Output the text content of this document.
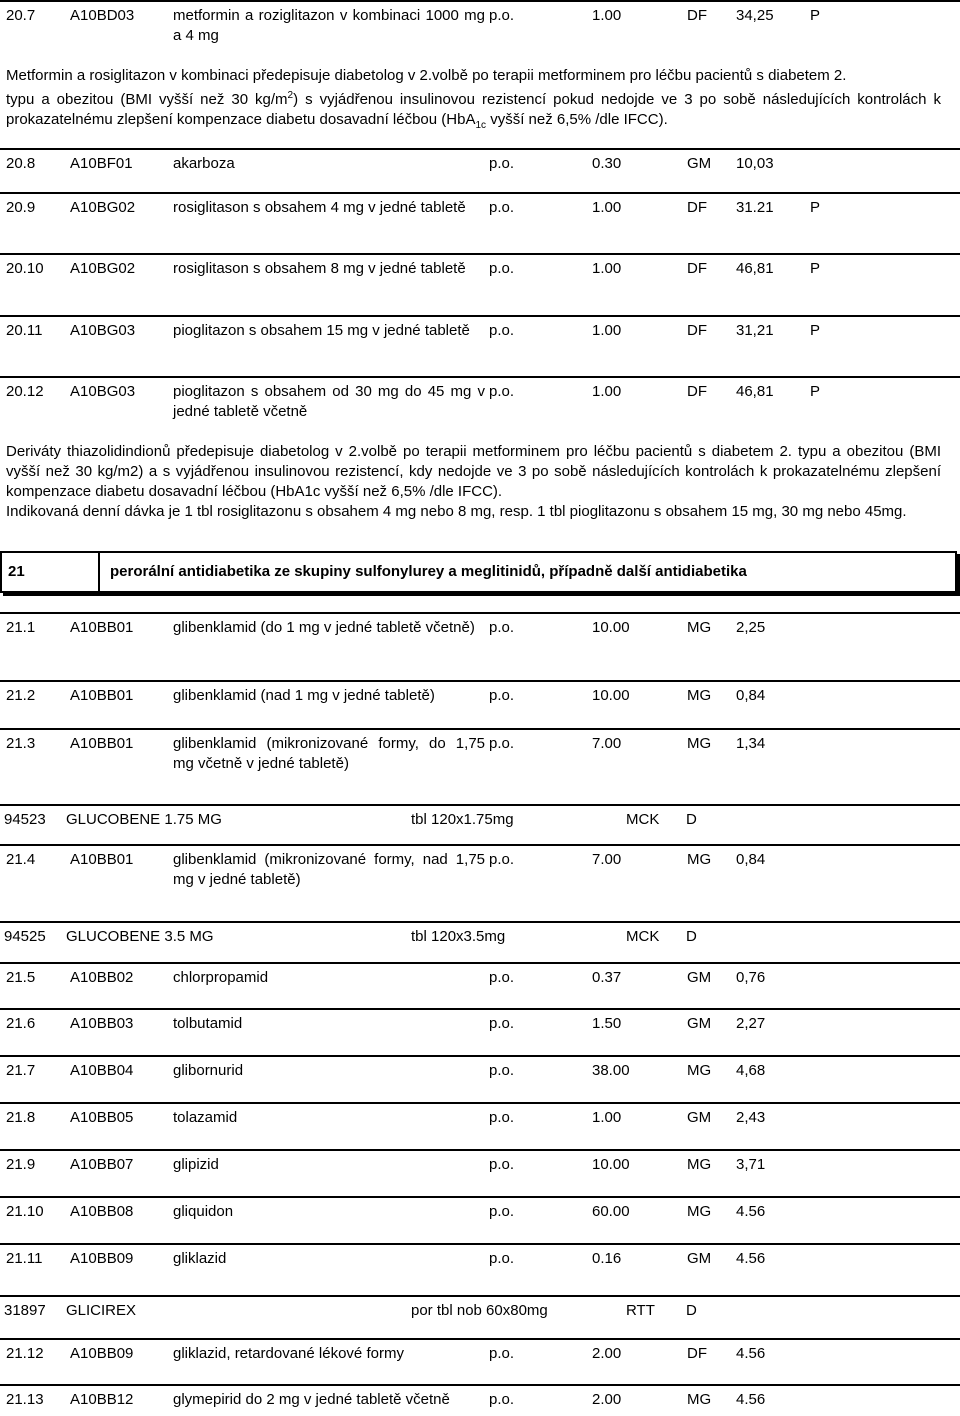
20.7 A10BD03	metformin a roziglitazon v kombinaci 1000 mg a 4 mg
p.o.	1.00	DF 34,25 P

Metformin a rosiglitazon v kombinaci předepisuje diabetolog v 2.volbě po terapii metforminem pro léčbu pacientů s diabetem 2.

typu a obezitou (BMI vyšší než 30 $kg/m^2$) s vyjádřenou insulinovou rezistencí pokud nedojde ve 3 po sobě následujících kontrolách k prokazatelnému zlepšení kompenzace diabetu dosavadní léčbou (HbA$_{1c}$ vyšší než 6,5% /dle IFCC).

20.8 A10BF01	akarboza	p.o.	0.30	GM 10,03
20.9 A10BG02	rosiglitason s obsahem 4 mg v jedné tabletě	p.o.	1.00	DF 31.21 P
20.10 A10BG02	rosiglitason s obsahem 8 mg v jedné tabletě	p.o.	1.00	DF 46,81 P
20.11 A10BG03	pioglitazon s obsahem 15 mg v jedné tabletě	p.o.	1.00	DF 31,21 P
20.12 A10BG03	pioglitazon s obsahem od 30 mg do 45 mg v jedné tabletě včetně
p.o.	1.00	DF 46,81 P

Deriváty thiazolidindionů předepisuje diabetolog v 2.volbě po terapii metforminem pro léčbu pacientů s diabetem 2. typu a obezitou (BMI vyšší než 30 kg/m2) a s vyjádřenou insulinovou rezistencí, kdy nedojde ve 3 po sobě následujících kontrolách k prokazatelnému zlepšení kompenzace diabetu dosavadní léčbou (HbA1c vyšší než 6,5% /dle IFCC).

Indikovaná denní dávka je 1 tbl rosiglitazonu s obsahem 4 mg nebo 8 mg, resp. 1 tbl pioglitazonu s obsahem 15 mg, 30 mg nebo 45mg.

21	perorální antidiabetika ze skupiny sulfonylurey a meglitinidů, případně další antidiabetika
21.1 A10BB01	glibenklamid (do 1 mg v jedné tabletě včetně) p.o.	10.00	MG 2,25
21.2 A10BB01	glibenklamid (nad 1 mg v jedné tabletě)	p.o.	10.00	MG 0,84
21.3 A10BB01	glibenklamid (mikronizované formy, do 1,75 mg včetně v jedné tabletě)
p.o.	7.00	MG 1,34
94523 GLUCOBENE 1.75 MG	tbl 120x1.75mg	MCK D
21.4 A10BB01	glibenklamid (mikronizované formy, nad 1,75 mg v jedné tabletě)
p.o.	7.00	MG 0,84
94525 GLUCOBENE 3.5 MG	tbl 120x3.5mg	MCK D
21.5 A10BB02	chlorpropamid	p.o.	0.37	GM 0,76
21.6 A10BB03	tolbutamid	p.o.	1.50	GM 2,27
21.7 A10BB04	glibornurid	p.o.	38.00	MG 4,68
21.8 A10BB05	tolazamid	p.o.	1.00	GM 2,43
21.9 A10BB07	glipizid	p.o.	10.00	MG 3,71
21.10 A10BB08	gliquidon	p.o.	60.00	MG 4.56
21.11 A10BB09	gliklazid	p.o.	0.16	GM 4.56
31897 GLICIREX	por tbl nob 60x80mg	RTT D
21.12 A10BB09	gliklazid, retardované lékové formy	p.o.	2.00	DF 4.56
21.13 A10BB12	glymepirid do 2 mg v jedné tabletě včetně	p.o.	2.00	MG 4.56
